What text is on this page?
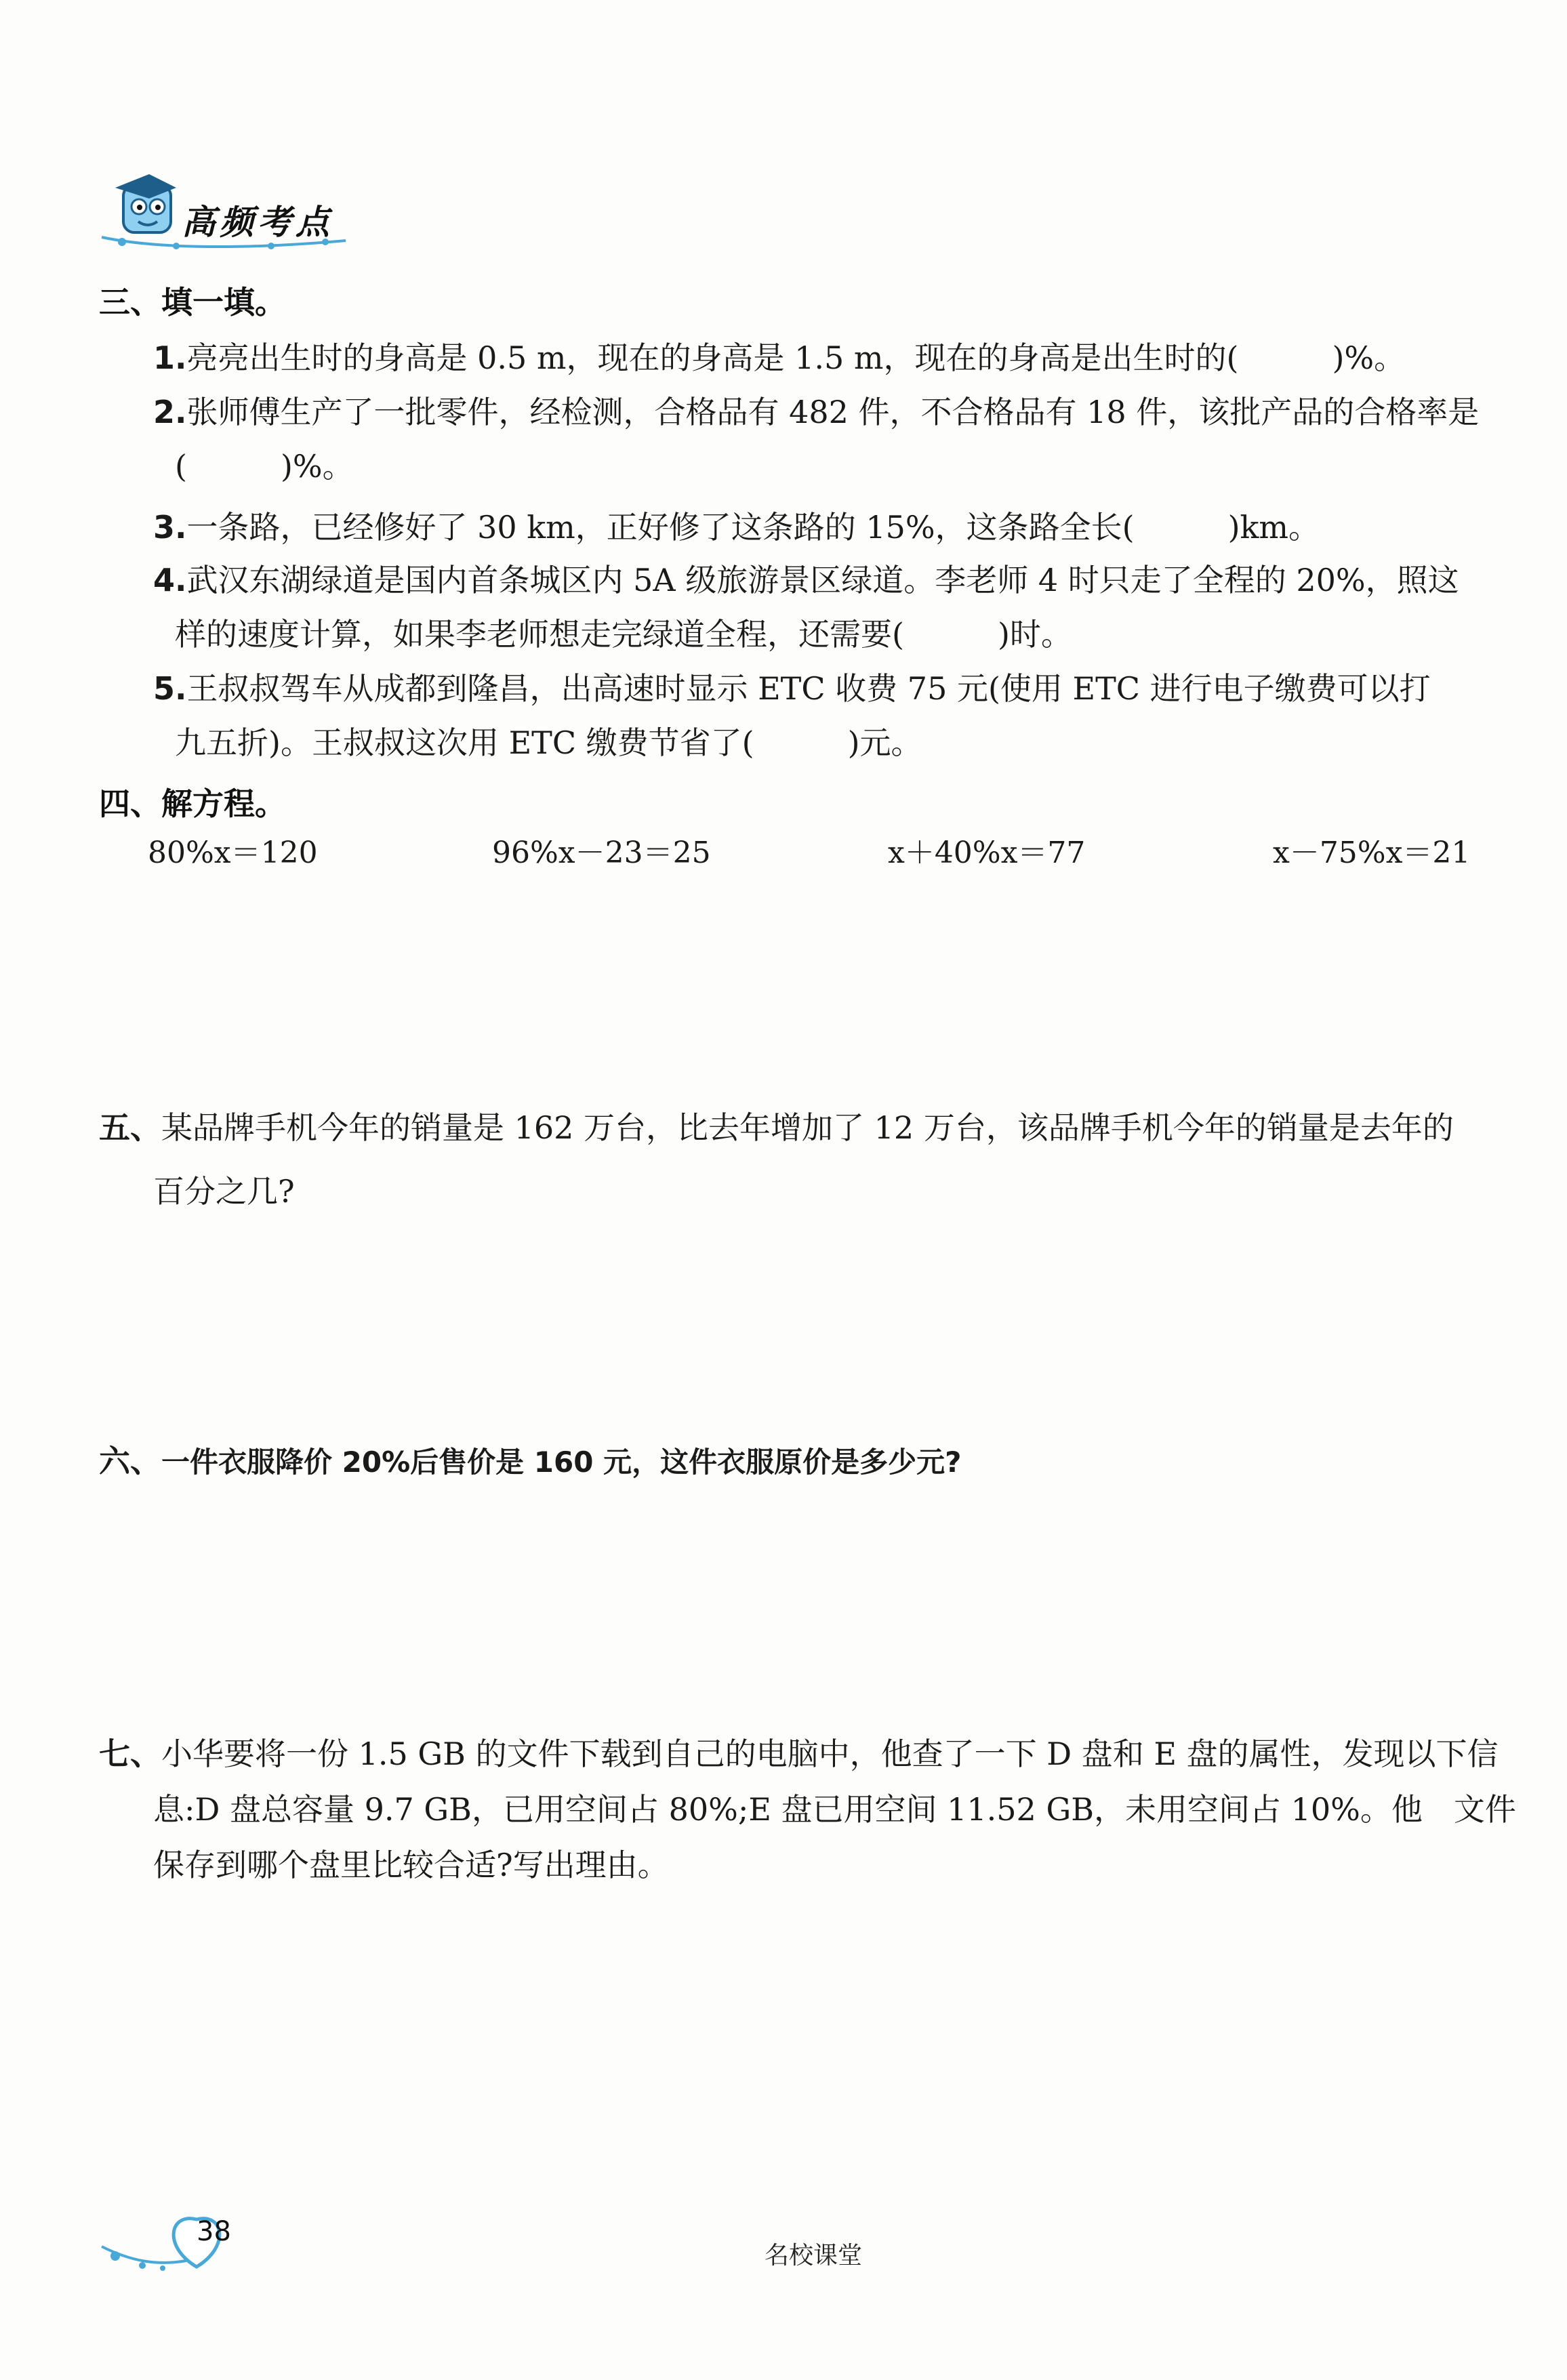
高频考点
三、填一填。
1.亮亮出生时的身高是 0.5 m，现在的身高是 1.5 m，现在的身高是出生时的(　　　)%。
2.张师傅生产了一批零件，经检测，合格品有 482 件，不合格品有 18 件，该批产品的合格率是
(　　　)%。
3.一条路，已经修好了 30 km，正好修了这条路的 15%，这条路全长(　　　)km。
4.武汉东湖绿道是国内首条城区内 5A 级旅游景区绿道。李老师 4 时只走了全程的 20%，照这
样的速度计算，如果李老师想走完绿道全程，还需要(　　　)时。
5.王叔叔驾车从成都到隆昌，出高速时显示 ETC 收费 75 元(使用 ETC 进行电子缴费可以打
九五折)。王叔叔这次用 ETC 缴费节省了(　　　)元。
四、解方程。
80%x＝120	96%x－23＝25	x＋40%x＝77	x－75%x＝21
五、某品牌手机今年的销量是 162 万台，比去年增加了 12 万台，该品牌手机今年的销量是去年的
百分之几?
六、一件衣服降价 20%后售价是 160 元，这件衣服原价是多少元?
七、小华要将一份 1.5 GB 的文件下载到自己的电脑中，他查了一下 D 盘和 E 盘的属性，发现以下信
息:D 盘总容量 9.7 GB，已用空间占 80%;E 盘已用空间 11.52 GB，未用空间占 10%。他　文件
保存到哪个盘里比较合适?写出理由。
38
名校课堂
